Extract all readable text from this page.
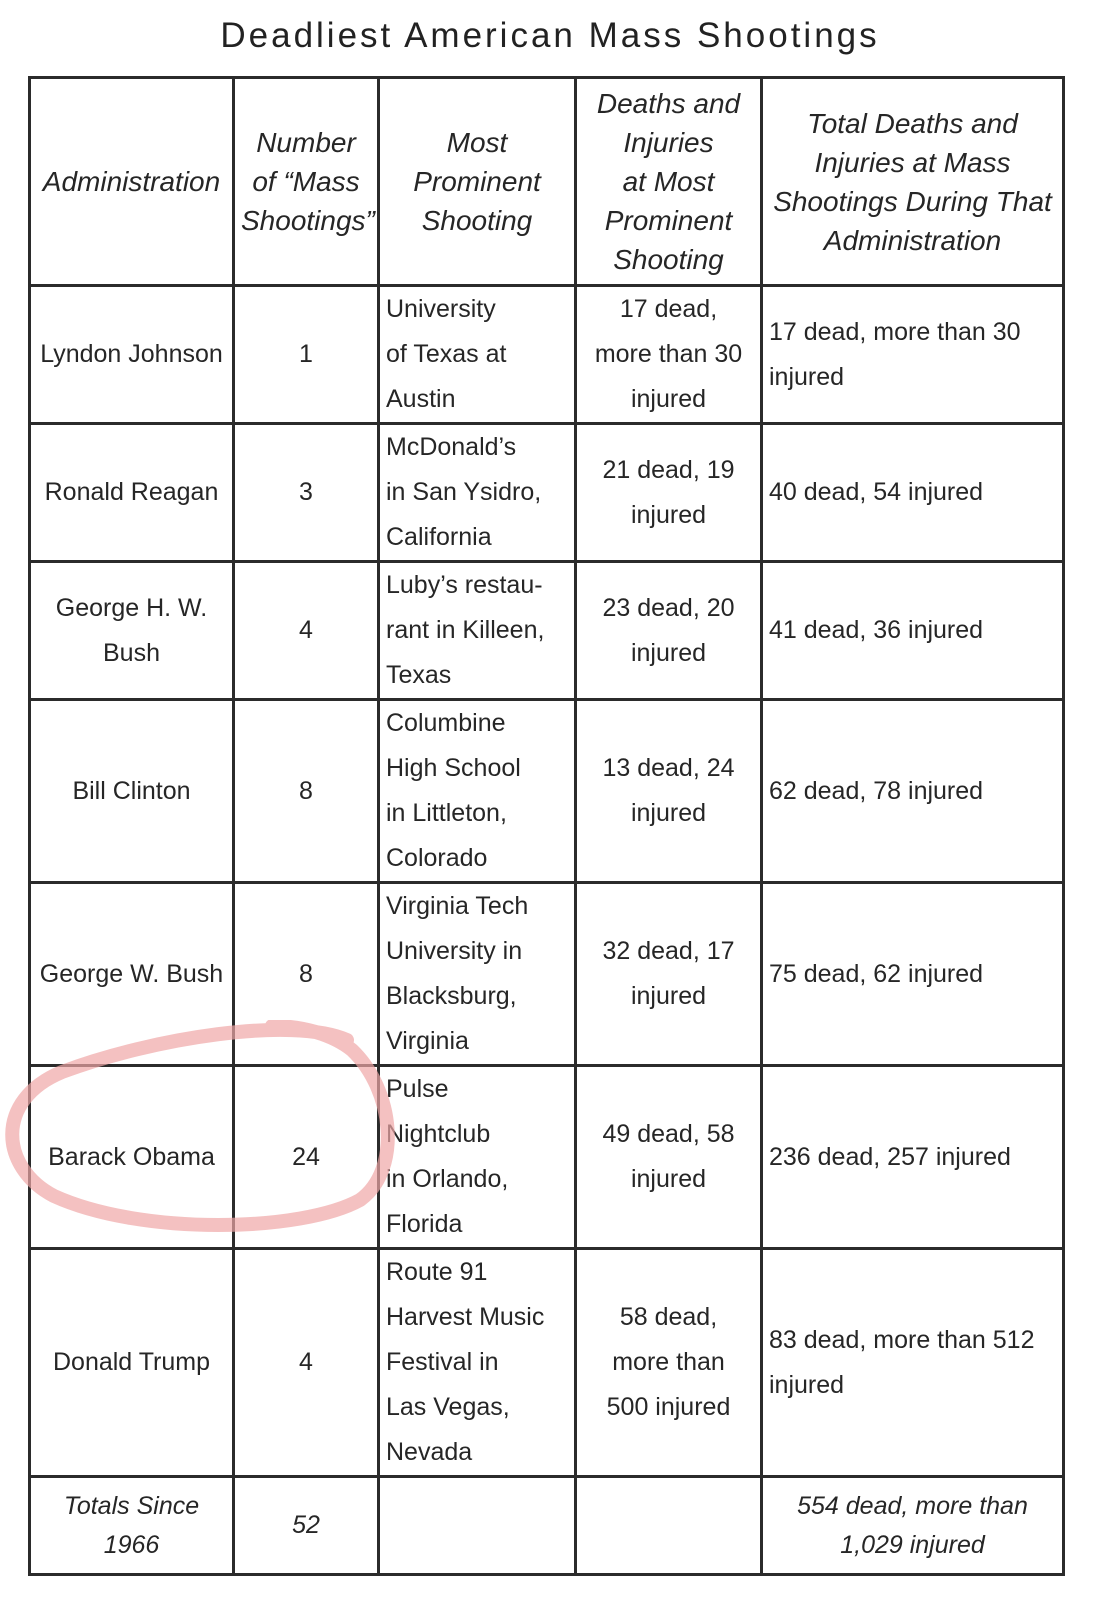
Deadliest American Mass Shootings
Administration	Number
of “Mass
Shootings”	Most
Prominent
Shooting	Deaths and
Injuries
at Most
Prominent
Shooting	Total Deaths and
Injuries at Mass
Shootings During That
Administration
Lyndon Johnson	1	University
of Texas at
Austin	17 dead,
more than 30
injured	17 dead, more than 30
injured
Ronald Reagan	3	McDonald’s
in San Ysidro,
California	21 dead, 19
injured	40 dead, 54 injured
George H. W.
Bush	4	Luby’s restau-
rant in Killeen,
Texas	23 dead, 20
injured	41 dead, 36 injured
Bill Clinton	8	Columbine
High School
in Littleton,
Colorado	13 dead, 24
injured	62 dead, 78 injured
George W. Bush	8	Virginia Tech
University in
Blacksburg,
Virginia	32 dead, 17
injured	75 dead, 62 injured
Barack Obama	24	Pulse
Nightclub
in Orlando,
Florida	49 dead, 58
injured	236 dead, 257 injured
Donald Trump	4	Route 91
Harvest Music
Festival in
Las Vegas,
Nevada	58 dead,
more than
500 injured	83 dead, more than 512
injured
Totals Since
1966	52			554 dead, more than
1,029 injured
